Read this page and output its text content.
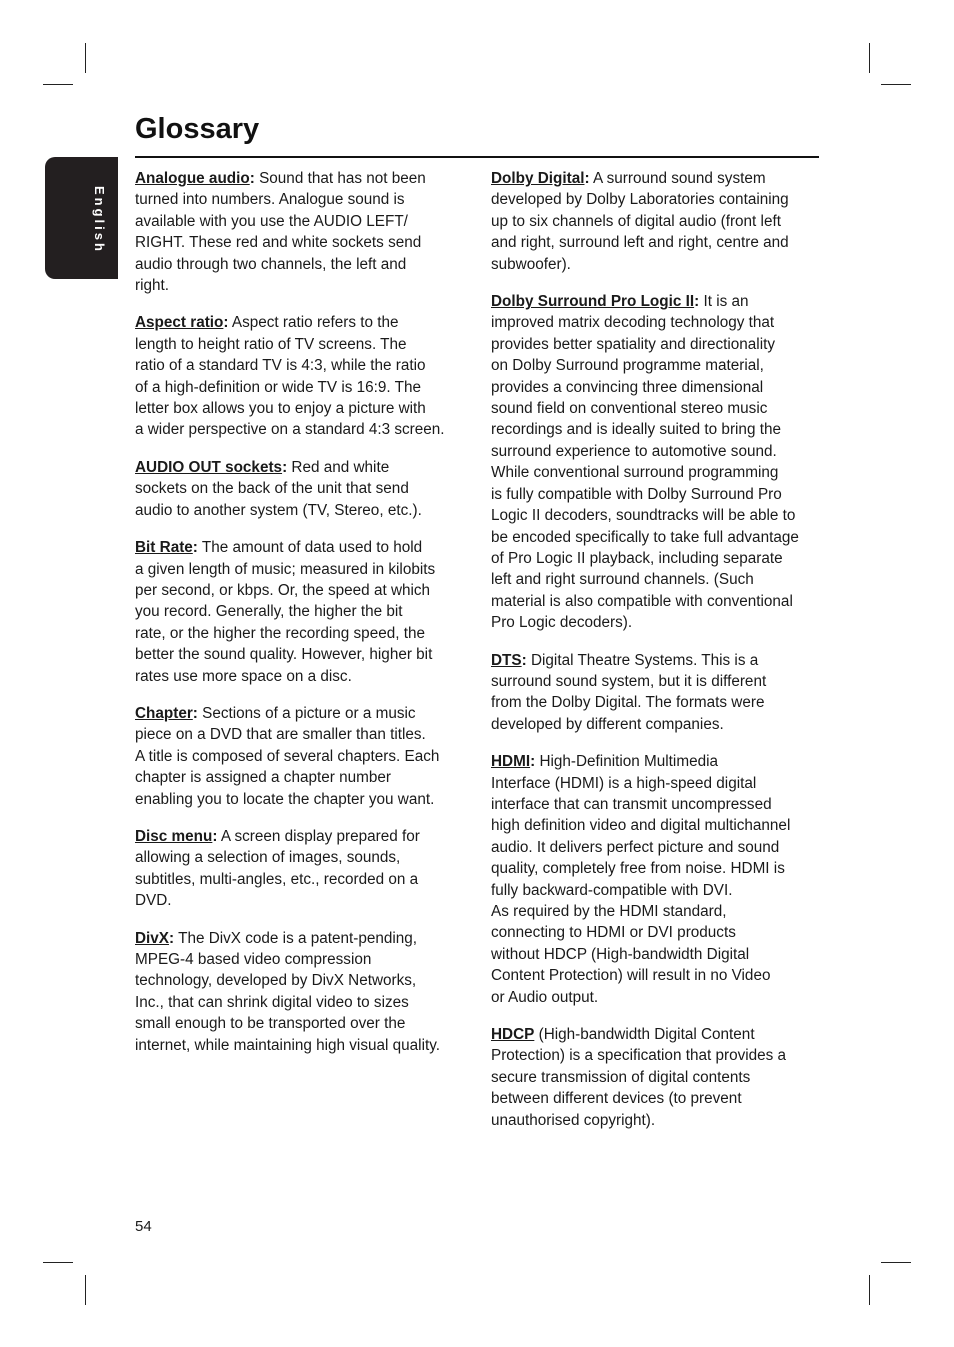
English
Glossary

Analogue audio: Sound that has not been
turned into numbers. Analogue sound is
available with you use the AUDIO LEFT/
RIGHT. These red and white sockets send
audio through two channels, the left and
right.

Aspect ratio: Aspect ratio refers to the
length to height ratio of TV screens. The
ratio of a standard TV is 4:3, while the ratio
of a high-definition or wide TV is 16:9. The
letter box allows you to enjoy a picture with
a wider perspective on a standard 4:3 screen.

AUDIO OUT sockets: Red and white
sockets on the back of the unit that send
audio to another system (TV, Stereo, etc.).

Bit Rate: The amount of data used to hold
a given length of music; measured in kilobits
per second, or kbps. Or, the speed at which
you record. Generally, the higher the bit
rate, or the higher the recording speed, the
better the sound quality. However, higher bit
rates use more space on a disc.

Chapter: Sections of a picture or a music
piece on a DVD that are smaller than titles.
A title is composed of several chapters. Each
chapter is assigned a chapter number
enabling you to locate the chapter you want.

Disc menu: A screen display prepared for
allowing a selection of images, sounds,
subtitles, multi-angles, etc., recorded on a
DVD.

DivX: The DivX code is a patent-pending,
MPEG-4 based video compression
technology, developed by DivX Networks,
Inc., that can shrink digital video to sizes
small enough to be transported over the
internet, while maintaining high visual quality.

Dolby Digital: A surround sound system
developed by Dolby Laboratories containing
up to six channels of digital audio (front left
and right, surround left and right, centre and
subwoofer).

Dolby Surround Pro Logic II: It is an
improved matrix decoding technology that
provides better spatiality and directionality
on Dolby Surround programme material,
provides a convincing three dimensional
sound field on conventional stereo music
recordings and is ideally suited to bring the
surround experience to automotive sound.
While conventional surround programming
is fully compatible with Dolby Surround Pro
Logic II decoders, soundtracks will be able to
be encoded specifically to take full advantage
of Pro Logic II playback, including separate
left and right surround channels. (Such
material is also compatible with conventional
Pro Logic decoders).

DTS: Digital Theatre Systems. This is a
surround sound system, but it is different
from the Dolby Digital. The formats were
developed by different companies.

HDMI: High-Definition Multimedia
Interface (HDMI) is a high-speed digital
interface that can transmit uncompressed
high definition video and digital multichannel
audio. It delivers perfect picture and sound
quality, completely free from noise. HDMI is
fully backward-compatible with DVI.
As required by the HDMI standard,
connecting to HDMI or DVI products
without HDCP (High-bandwidth Digital
Content Protection) will result in no Video
or Audio output.

HDCP (High-bandwidth Digital Content
Protection) is a specification that provides a
secure transmission of digital contents
between different devices (to prevent
unauthorised copyright).

54
